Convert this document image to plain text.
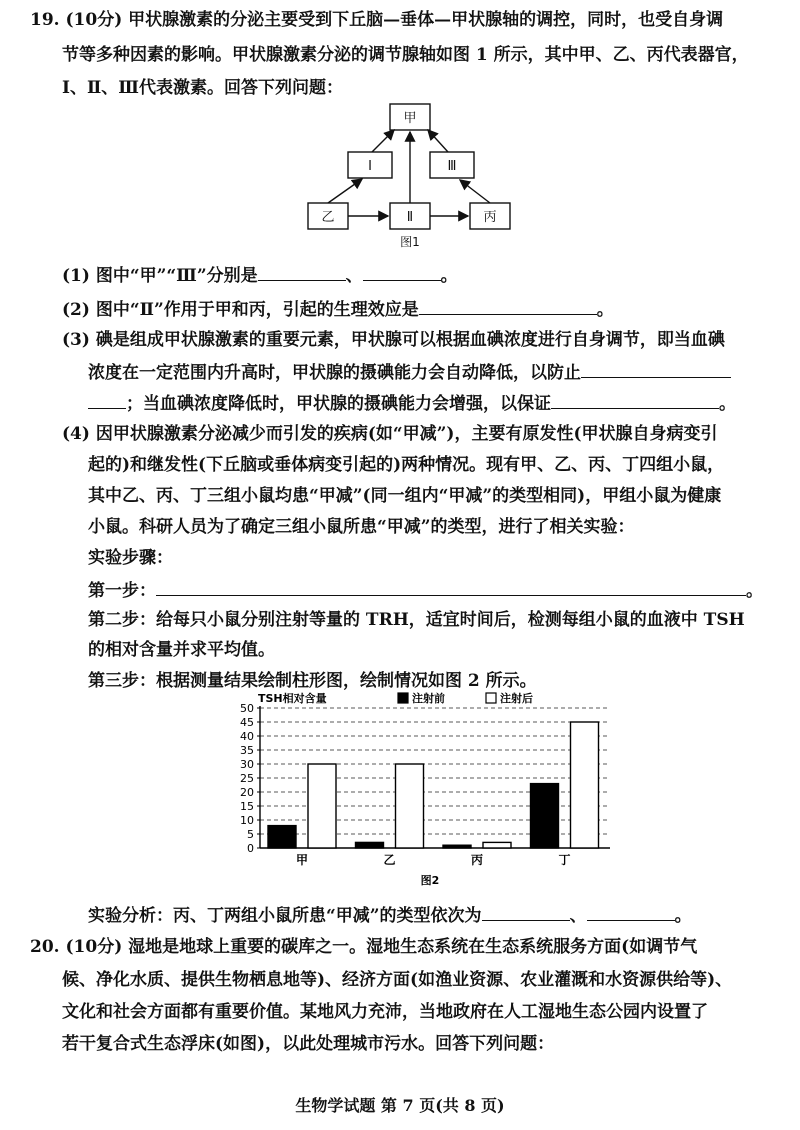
19. (10分) 甲状腺激素的分泌主要受到下丘脑—垂体—甲状腺轴的调控，同时，也受自身调
节等多种因素的影响。甲状腺激素分泌的调节腺轴如图 1 所示，其中甲、乙、丙代表器官，
Ⅰ、Ⅱ、Ⅲ代表激素。回答下列问题：
甲
Ⅰ	Ⅲ
乙	Ⅱ	丙
图1
(1) 图中“甲”“Ⅲ”分别是	、	。
(2) 图中“Ⅱ”作用于甲和丙，引起的生理效应是	。
(3) 碘是组成甲状腺激素的重要元素，甲状腺可以根据血碘浓度进行自身调节，即当血碘
浓度在一定范围内升高时，甲状腺的摄碘能力会自动降低，以防止
；当血碘浓度降低时，甲状腺的摄碘能力会增强，以保证	。
(4) 因甲状腺激素分泌减少而引发的疾病(如“甲减”)，主要有原发性(甲状腺自身病变引
起的)和继发性(下丘脑或垂体病变引起的)两种情况。现有甲、乙、丙、丁四组小鼠，
其中乙、丙、丁三组小鼠均患“甲减”(同一组内“甲减”的类型相同)，甲组小鼠为健康
小鼠。科研人员为了确定三组小鼠所患“甲减”的类型，进行了相关实验：
实验步骤：
第一步：	。
第二步：给每只小鼠分别注射等量的 TRH，适宜时间后，检测每组小鼠的血液中 TSH
的相对含量并求平均值。
第三步：根据测量结果绘制柱形图，绘制情况如图 2 所示。
TSH相对含量	注射前	注射后
0
5
10
15
20
25
30
35
40
45
50
甲	乙	丙	丁
图2
实验分析：丙、丁两组小鼠所患“甲减”的类型依次为	、	。
20. (10分) 湿地是地球上重要的碳库之一。湿地生态系统在生态系统服务方面(如调节气
候、净化水质、提供生物栖息地等)、经济方面(如渔业资源、农业灌溉和水资源供给等)、
文化和社会方面都有重要价值。某地风力充沛，当地政府在人工湿地生态公园内设置了
若干复合式生态浮床(如图)，以此处理城市污水。回答下列问题：
生物学试题 第 7 页(共 8 页)
